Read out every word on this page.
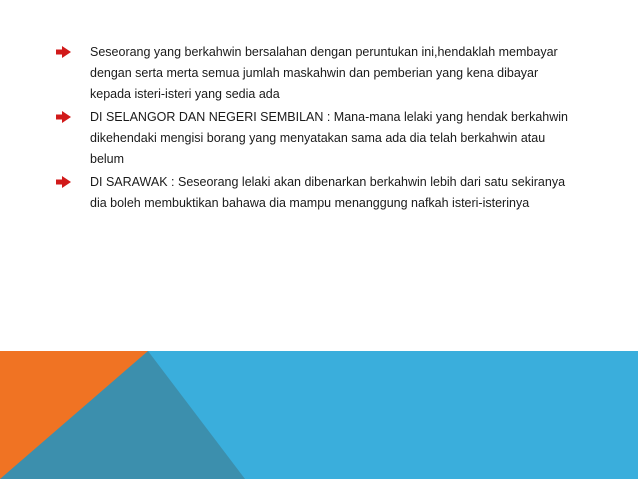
Seseorang yang berkahwin bersalahan dengan peruntukan ini,hendaklah membayar dengan serta merta semua jumlah maskahwin dan pemberian yang kena dibayar kepada isteri-isteri yang sedia ada
DI SELANGOR DAN NEGERI SEMBILAN : Mana-mana lelaki yang hendak berkahwin dikehendaki mengisi borang yang menyatakan sama ada dia telah berkahwin atau belum
DI SARAWAK : Seseorang lelaki akan dibenarkan berkahwin lebih dari satu sekiranya dia boleh membuktikan bahawa dia mampu menanggung nafkah isteri-isterinya
